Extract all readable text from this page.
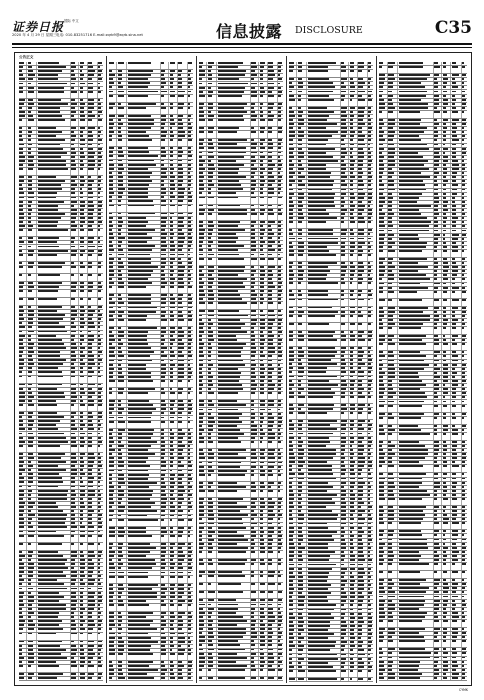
证券日报 国际 中文
2020 年 4 月 29 日 星期三 电话: 010-83251716 E-mail:zqrb9@zqrb.sina.net	信息披露 DISCLOSURE	C35
公告正文
CYMK
